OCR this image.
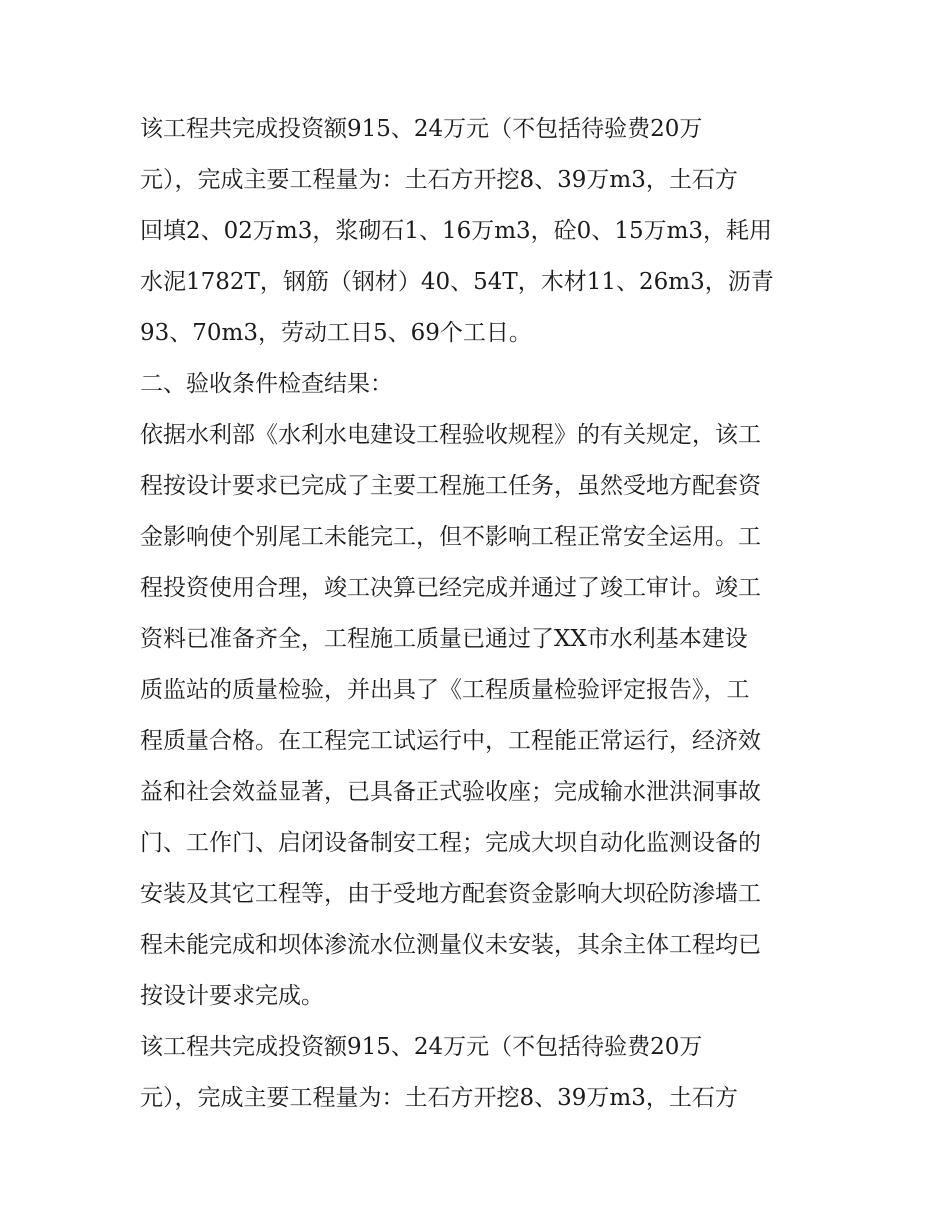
该工程共完成投资额915、24万元（不包括待验费20万
元），完成主要工程量为：土石方开挖8、39万m3，土石方
回填2、02万m3，浆砌石1、16万m3，砼0、15万m3，耗用
水泥1782T，钢筋（钢材）40、54T，木材11、26m3，沥青
93、70m3，劳动工日5、69个工日。
二、验收条件检查结果：
依据水利部《水利水电建设工程验收规程》的有关规定，该工
程按设计要求已完成了主要工程施工任务，虽然受地方配套资
金影响使个别尾工未能完工，但不影响工程正常安全运用。工
程投资使用合理，竣工决算已经完成并通过了竣工审计。竣工
资料已准备齐全，工程施工质量已通过了XX市水利基本建设
质监站的质量检验，并出具了《工程质量检验评定报告》，工
程质量合格。在工程完工试运行中，工程能正常运行，经济效
益和社会效益显著，已具备正式验收座；完成输水泄洪洞事故
门、工作门、启闭设备制安工程；完成大坝自动化监测设备的
安装及其它工程等，由于受地方配套资金影响大坝砼防渗墙工
程未能完成和坝体渗流水位测量仪未安装，其余主体工程均已
按设计要求完成。
该工程共完成投资额915、24万元（不包括待验费20万
元），完成主要工程量为：土石方开挖8、39万m3，土石方
